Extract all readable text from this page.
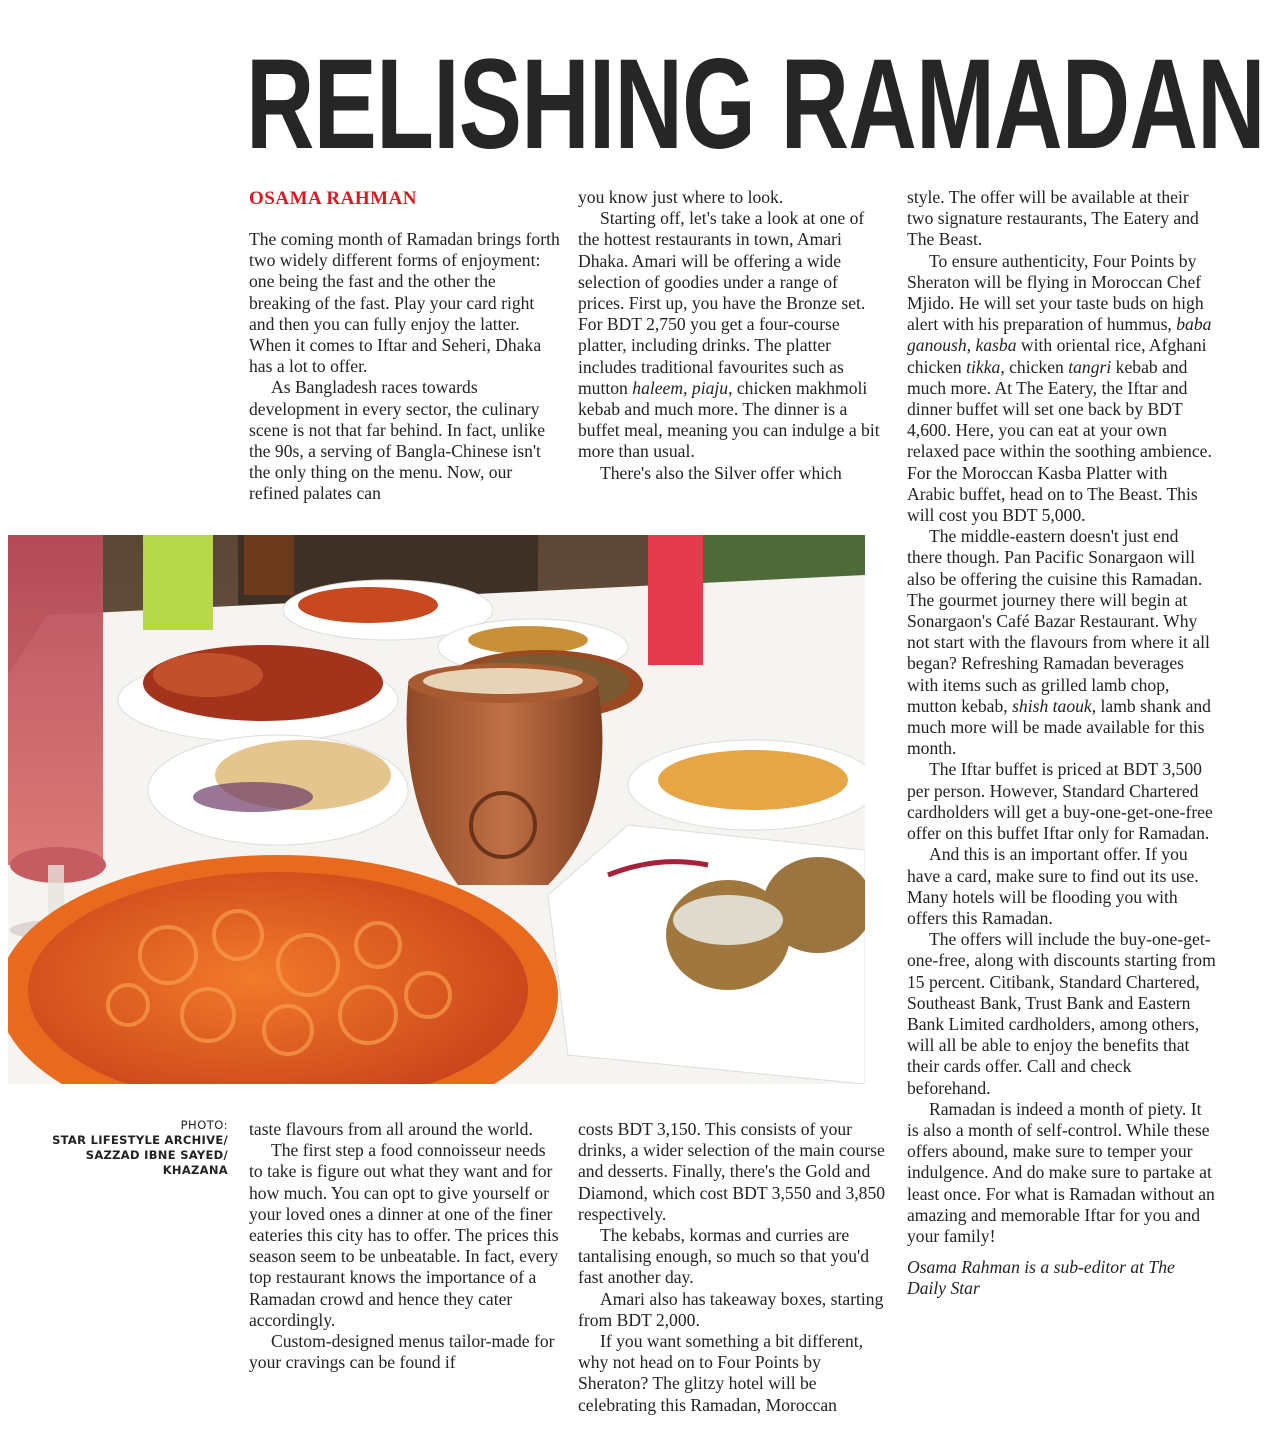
RELISHING RAMADAN
OSAMA RAHMAN

The coming month of Ramadan brings forth two widely different forms of enjoyment: one being the fast and the other the breaking of the fast. Play your card right and then you can fully enjoy the latter. When it comes to Iftar and Seheri, Dhaka has a lot to offer.

As Bangladesh races towards development in every sector, the culinary scene is not that far behind. In fact, unlike the 90s, a serving of Bangla-Chinese isn't the only thing on the menu. Now, our refined palates can

you know just where to look.

Starting off, let's take a look at one of the hottest restaurants in town, Amari Dhaka. Amari will be offering a wide selection of goodies under a range of prices. First up, you have the Bronze set. For BDT 2,750 you get a four-course platter, including drinks. The platter includes traditional favourites such as mutton haleem, piaju, chicken makhmoli kebab and much more. The dinner is a buffet meal, meaning you can indulge a bit more than usual.

There's also the Silver offer which

style. The offer will be available at their two signature restaurants, The Eatery and The Beast.

To ensure authenticity, Four Points by Sheraton will be flying in Moroccan Chef Mjido. He will set your taste buds on high alert with his preparation of hummus, baba ganoush, kasba with oriental rice, Afghani chicken tikka, chicken tangri kebab and much more. At The Eatery, the Iftar and dinner buffet will set one back by BDT 4,600. Here, you can eat at your own relaxed pace within the soothing ambience. For the Moroccan Kasba Platter with Arabic buffet, head on to The Beast. This will cost you BDT 5,000.

The middle-eastern doesn't just end there though. Pan Pacific Sonargaon will also be offering the cuisine this Ramadan. The gourmet journey there will begin at Sonargaon's Café Bazar Restaurant. Why not start with the flavours from where it all began? Refreshing Ramadan beverages with items such as grilled lamb chop, mutton kebab, shish taouk, lamb shank and much more will be made available for this month.

The Iftar buffet is priced at BDT 3,500 per person. However, Standard Chartered cardholders will get a buy-one-get-one-free offer on this buffet Iftar only for Ramadan.

And this is an important offer. If you have a card, make sure to find out its use. Many hotels will be flooding you with offers this Ramadan.

The offers will include the buy-one-get-one-free, along with discounts starting from 15 percent. Citibank, Standard Chartered, Southeast Bank, Trust Bank and Eastern Bank Limited cardholders, among others, will all be able to enjoy the benefits that their cards offer. Call and check beforehand.

Ramadan is indeed a month of piety. It is also a month of self-control. While these offers abound, make sure to temper your indulgence. And do make sure to partake at least once. For what is Ramadan without an amazing and memorable Iftar for you and your family!

Osama Rahman is a sub-editor at The Daily Star

PHOTO:
STAR LIFESTYLE ARCHIVE/
SAZZAD IBNE SAYED/
KHAZANA

taste flavours from all around the world.

The first step a food connoisseur needs to take is figure out what they want and for how much. You can opt to give yourself or your loved ones a dinner at one of the finer eateries this city has to offer. The prices this season seem to be unbeatable. In fact, every top restaurant knows the importance of a Ramadan crowd and hence they cater accordingly.

Custom-designed menus tailor-made for your cravings can be found if

costs BDT 3,150. This consists of your drinks, a wider selection of the main course and desserts. Finally, there's the Gold and Diamond, which cost BDT 3,550 and 3,850 respectively.

The kebabs, kormas and curries are tantalising enough, so much so that you'd fast another day.

Amari also has takeaway boxes, starting from BDT 2,000.

If you want something a bit different, why not head on to Four Points by Sheraton? The glitzy hotel will be celebrating this Ramadan, Moroccan
